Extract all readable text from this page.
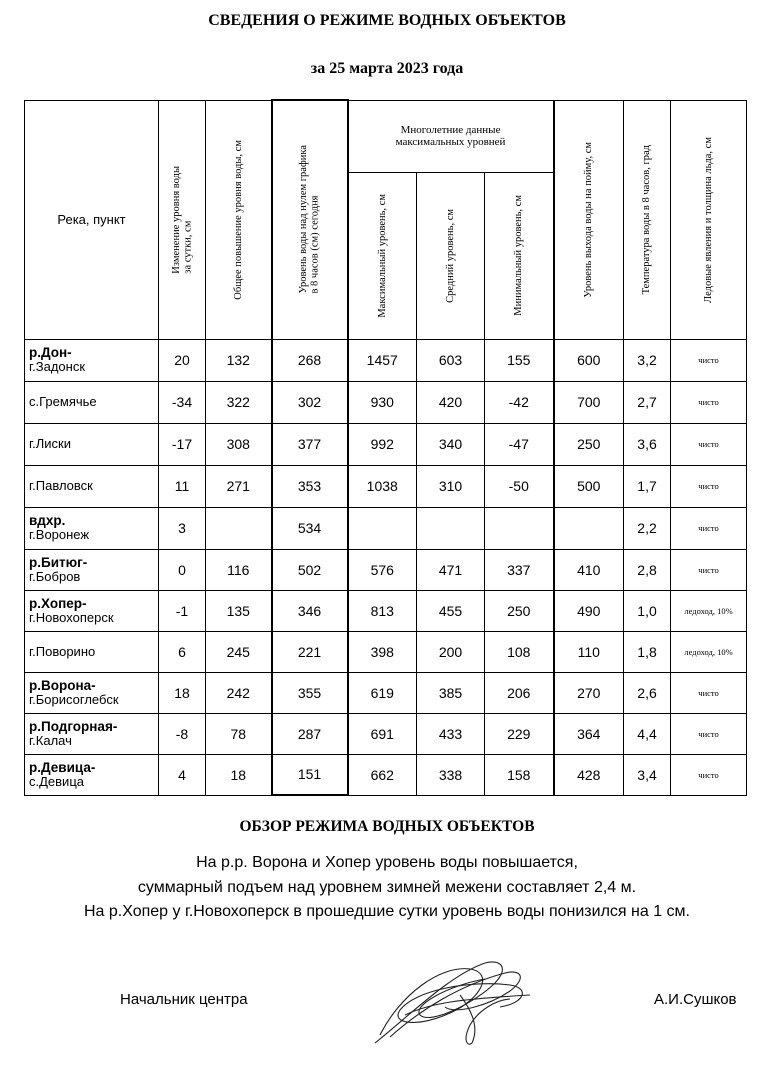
СВЕДЕНИЯ О РЕЖИМЕ ВОДНЫХ ОБЪЕКТОВ
за 25 марта 2023 года
Река, пункт	Изменение уровня воды
за сутки, см	Общее повышение уровня воды, см	Уровень воды над нулем графика
в 8 часов (см) сегодня	Многолетние данные максимальных уровней			Уровень выхода воды на пойму, см	Температура воды в 8 часов, град	Ледовые явления и толщина льда, см

				Максимальный уровень, см	Средний уровень, см	Минимальный уровень, см			

р.Дон-
г.Задонск	20	132	268	1457	603	155	600	3,2	чисто
с.Гремячье	-34	322	302	930	420	-42	700	2,7	чисто
г.Лиски	-17	308	377	992	340	-47	250	3,6	чисто
г.Павловск	11	271	353	1038	310	-50	500	1,7	чисто
вдхр.
г.Воронеж	3		534					2,2	чисто
р.Битюг-
г.Бобров	0	116	502	576	471	337	410	2,8	чисто
р.Хопер-
г.Новохоперск	-1	135	346	813	455	250	490	1,0	ледоход, 10%
г.Поворино	6	245	221	398	200	108	110	1,8	ледоход, 10%
р.Ворона-
г.Борисоглебск	18	242	355	619	385	206	270	2,6	чисто
р.Подгорная-
г.Калач	-8	78	287	691	433	229	364	4,4	чисто
р.Девица-
с.Девица	4	18	151	662	338	158	428	3,4	чисто
ОБЗОР РЕЖИМА ВОДНЫХ ОБЪЕКТОВ
На р.р. Ворона и Хопер уровень воды повышается,
суммарный подъем над уровнем зимней межени составляет 2,4 м.
На р.Хопер у г.Новохоперск в прошедшие сутки уровень воды понизился на 1 см.
Начальник центра	А.И.Сушков
